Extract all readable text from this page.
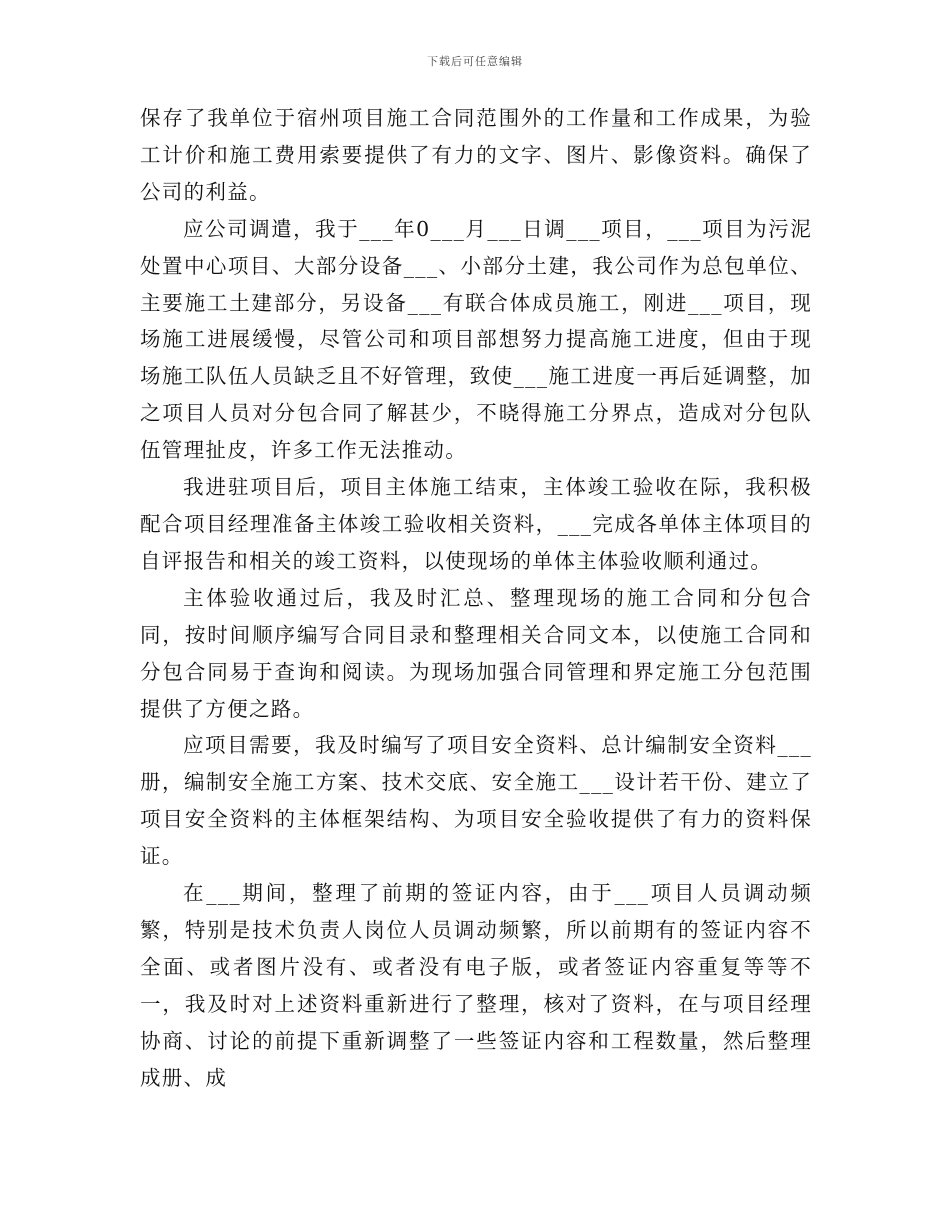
下载后可任意编辑

保存了我单位于宿州项目施工合同范围外的工作量和工作成果，为验工计价和施工费用索要提供了有力的文字、图片、影像资料。确保了公司的利益。

应公司调遣，我于___年0___月___日调___项目，___项目为污泥处置中心项目、大部分设备___、小部分土建，我公司作为总包单位、主要施工土建部分，另设备___有联合体成员施工，刚进___项目，现场施工进展缓慢，尽管公司和项目部想努力提高施工进度，但由于现场施工队伍人员缺乏且不好管理，致使___施工进度一再后延调整，加之项目人员对分包合同了解甚少，不晓得施工分界点，造成对分包队伍管理扯皮，许多工作无法推动。

我进驻项目后，项目主体施工结束，主体竣工验收在际，我积极配合项目经理准备主体竣工验收相关资料，___完成各单体主体项目的自评报告和相关的竣工资料，以使现场的单体主体验收顺利通过。

主体验收通过后，我及时汇总、整理现场的施工合同和分包合同，按时间顺序编写合同目录和整理相关合同文本，以使施工合同和分包合同易于查询和阅读。为现场加强合同管理和界定施工分包范围提供了方便之路。

应项目需要，我及时编写了项目安全资料、总计编制安全资料___册，编制安全施工方案、技术交底、安全施工___设计若干份、建立了项目安全资料的主体框架结构、为项目安全验收提供了有力的资料保证。

在___期间，整理了前期的签证内容，由于___项目人员调动频繁，特别是技术负责人岗位人员调动频繁，所以前期有的签证内容不全面、或者图片没有、或者没有电子版，或者签证内容重复等等不一，我及时对上述资料重新进行了整理，核对了资料，在与项目经理协商、讨论的前提下重新调整了一些签证内容和工程数量，然后整理成册、成
